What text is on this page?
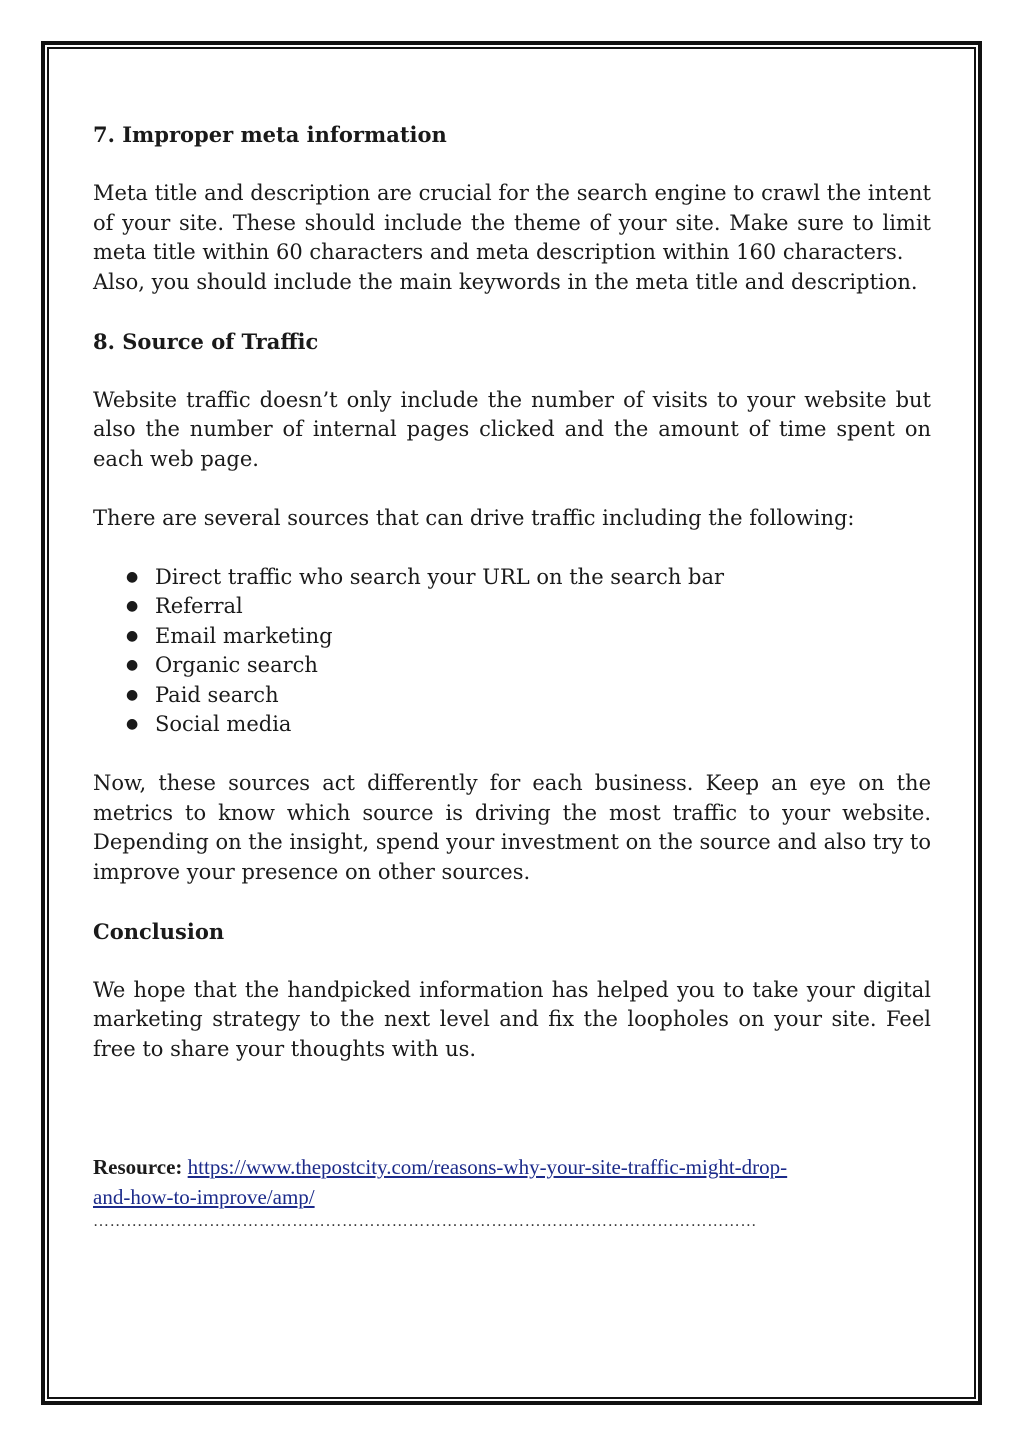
7. Improper meta information

Meta title and description are crucial for the search engine to crawl the intent of your site. These should include the theme of your site. Make sure to limit meta title within 60 characters and meta description within 160 characters.

Also, you should include the main keywords in the meta title and description.

8. Source of Traffic

Website traffic doesn’t only include the number of visits to your website but also the number of internal pages clicked and the amount of time spent on each web page.

There are several sources that can drive traffic including the following:

● Direct traffic who search your URL on the search bar
● Referral
● Email marketing
● Organic search
● Paid search
● Social media

Now, these sources act differently for each business. Keep an eye on the metrics to know which source is driving the most traffic to your website. Depending on the insight, spend your investment on the source and also try to improve your presence on other sources.

Conclusion

We hope that the handpicked information has helped you to take your digital marketing strategy to the next level and fix the loopholes on your site. Feel free to share your thoughts with us.

Resource: https://www.thepostcity.com/reasons-why-your-site-traffic-might-drop-
and-how-to-improve/amp/
…………………………………………………………………………………………………………
